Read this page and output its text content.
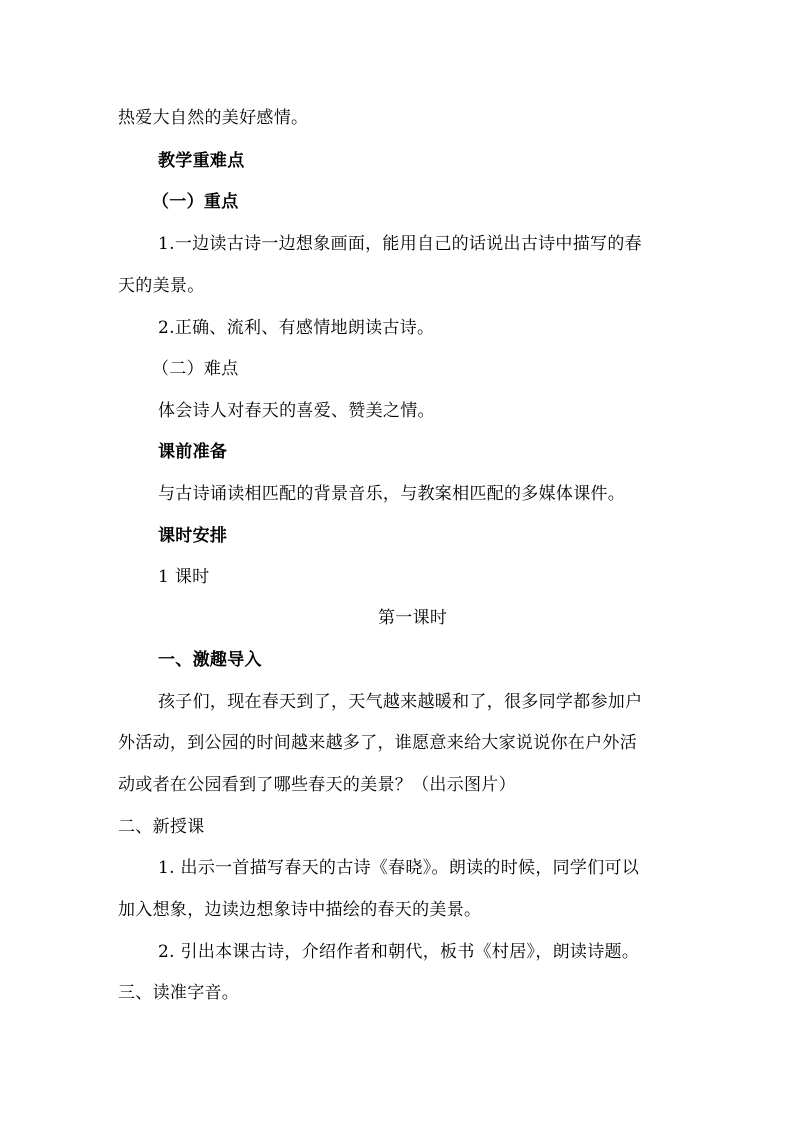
热爱大自然的美好感情。
教学重难点
（一）重点
1.一边读古诗一边想象画面，能用自己的话说出古诗中描写的春
天的美景。
2.正确、流利、有感情地朗读古诗。
（二）难点
体会诗人对春天的喜爱、赞美之情。
课前准备
与古诗诵读相匹配的背景音乐，与教案相匹配的多媒体课件。
课时安排
1 课时
第一课时
一、激趣导入
孩子们，现在春天到了，天气越来越暖和了，很多同学都参加户
外活动，到公园的时间越来越多了，谁愿意来给大家说说你在户外活
动或者在公园看到了哪些春天的美景？（出示图片）
二、新授课
1. 出示一首描写春天的古诗《春晓》。朗读的时候，同学们可以
加入想象，边读边想象诗中描绘的春天的美景。
2. 引出本课古诗，介绍作者和朝代，板书《村居》，朗读诗题。
三、读准字音。
